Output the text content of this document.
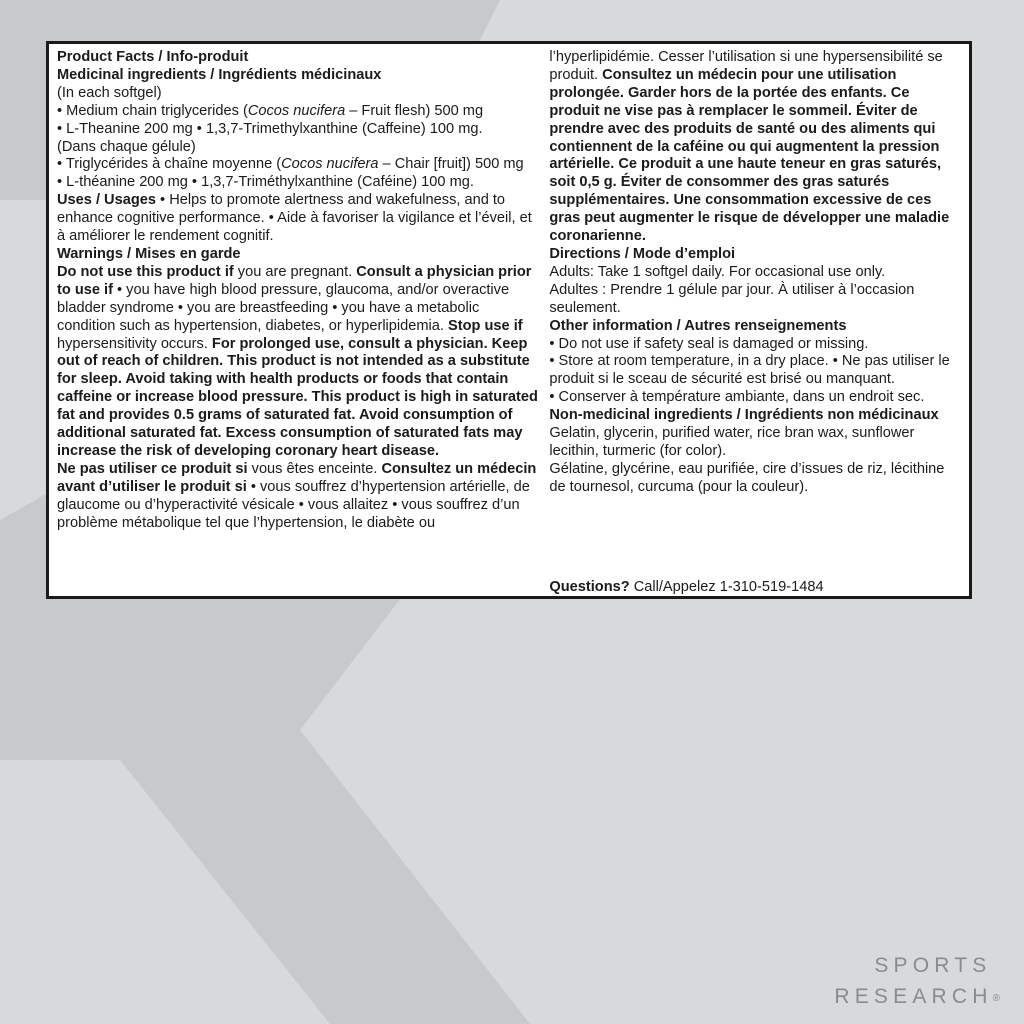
Product Facts / Info-produit

Medicinal ingredients / Ingrédients médicinaux

(In each softgel)

• Medium chain triglycerides (Cocos nucifera – Fruit flesh) 500 mg

• L-Theanine 200 mg • 1,3,7-Trimethylxanthine (Caffeine) 100 mg.

(Dans chaque gélule)

• Triglycérides à chaîne moyenne (Cocos nucifera – Chair [fruit]) 500 mg

• L-théanine 200 mg • 1,3,7-Triméthylxanthine (Caféine) 100 mg.

Uses / Usages • Helps to promote alertness and wakefulness, and to enhance cognitive performance. • Aide à favoriser la vigilance et l’éveil, et à améliorer le rendement cognitif.

Warnings / Mises en garde

Do not use this product if you are pregnant. Consult a physician prior to use if • you have high blood pressure, glaucoma, and/or overactive bladder syndrome • you are breastfeeding • you have a metabolic condition such as hypertension, diabetes, or hyperlipidemia. Stop use if hypersensitivity occurs. For prolonged use, consult a physician. Keep out of reach of children. This product is not intended as a substitute for sleep. Avoid taking with health products or foods that contain caffeine or increase blood pressure. This product is high in saturated fat and provides 0.5 grams of saturated fat. Avoid consumption of additional saturated fat. Excess consumption of saturated fats may increase the risk of developing coronary heart disease.

Ne pas utiliser ce produit si vous êtes enceinte. Consultez un médecin avant d’utiliser le produit si • vous souffrez d’hypertension artérielle, de glaucome ou d’hyperactivité vésicale • vous allaitez • vous souffrez d’un problème métabolique tel que l’hypertension, le diabète ou

l’hyperlipidémie. Cesser l’utilisation si une hypersensibilité se produit. Consultez un médecin pour une utilisation prolongée. Garder hors de la portée des enfants. Ce produit ne vise pas à remplacer le sommeil. Éviter de prendre avec des produits de santé ou des aliments qui contiennent de la caféine ou qui augmentent la pression artérielle. Ce produit a une haute teneur en gras saturés, soit 0,5 g. Éviter de consommer des gras saturés supplémentaires. Une consommation excessive de ces gras peut augmenter le risque de développer une maladie coronarienne.

Directions / Mode d’emploi

Adults: Take 1 softgel daily. For occasional use only.

Adultes : Prendre 1 gélule par jour. À utiliser à l’occasion seulement.

Other information / Autres renseignements

• Do not use if safety seal is damaged or missing.

• Store at room temperature, in a dry place. • Ne pas utiliser le produit si le sceau de sécurité est brisé ou manquant.

• Conserver à température ambiante, dans un endroit sec.

Non-medicinal ingredients / Ingrédients non médicinaux

Gelatin, glycerin, purified water, rice bran wax, sunflower lecithin, turmeric (for color).

Gélatine, glycérine, eau purifiée, cire d’issues de riz, lécithine de tournesol, curcuma (pour la couleur).

Questions? Call/Appelez 1-310-519-1484

SPORTS
RESEARCH®
